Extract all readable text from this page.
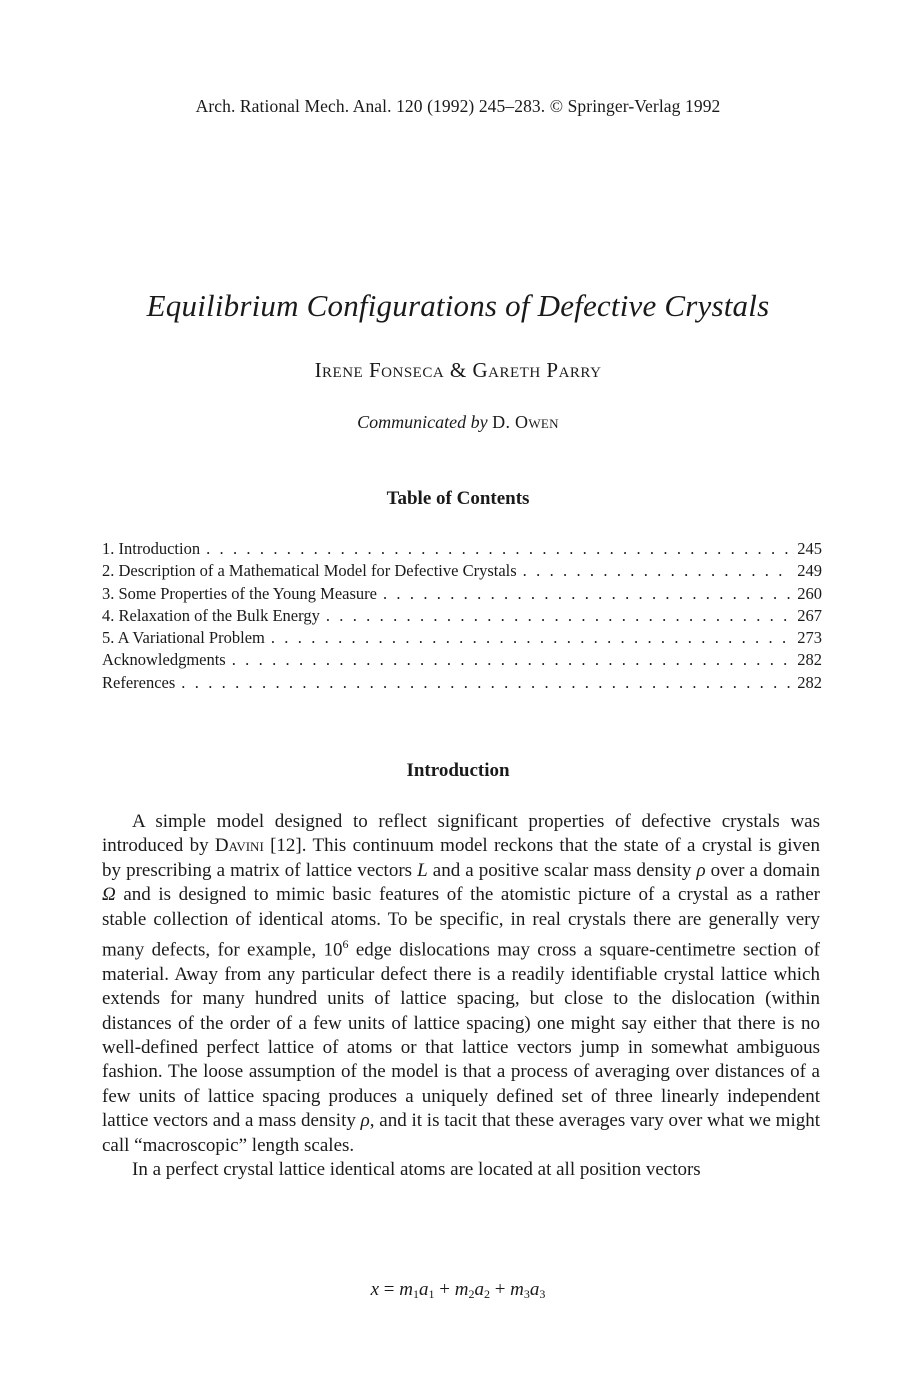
Arch. Rational Mech. Anal. 120 (1992) 245–283. © Springer-Verlag 1992
Equilibrium Configurations of Defective Crystals
Irene Fonseca & Gareth Parry
Communicated by D. Owen
Table of Contents
1. Introduction . . .	245
2. Description of a Mathematical Model for Defective Crystals . . .	249
3. Some Properties of the Young Measure . . .	260
4. Relaxation of the Bulk Energy . . .	267
5. A Variational Problem . . .	273
Acknowledgments . . .	282
References . . .	282
Introduction

A simple model designed to reflect significant properties of defective crystals was introduced by Davini [12]. This continuum model reckons that the state of a crystal is given by prescribing a matrix of lattice vectors L and a positive scalar mass density ρ over a domain Ω and is designed to mimic basic features of the atomistic picture of a crystal as a rather stable collection of identical atoms. To be specific, in real crystals there are generally very many defects, for example, $10^6$ edge dislocations may cross a square-centimetre section of material. Away from any particular defect there is a readily identifiable crystal lattice which extends for many hundred units of lattice spacing, but close to the dislocation (within distances of the order of a few units of lattice spacing) one might say either that there is no well-defined perfect lattice of atoms or that lattice vectors jump in somewhat ambiguous fashion. The loose assumption of the model is that a process of averaging over distances of a few units of lattice spacing produces a uniquely defined set of three linearly independent lattice vectors and a mass density ρ, and it is tacit that these averages vary over what we might call “macroscopic” length scales.

In a perfect crystal lattice identical atoms are located at all position vectors

$x = m_1a_1 + m_2a_2 + m_3a_3$
